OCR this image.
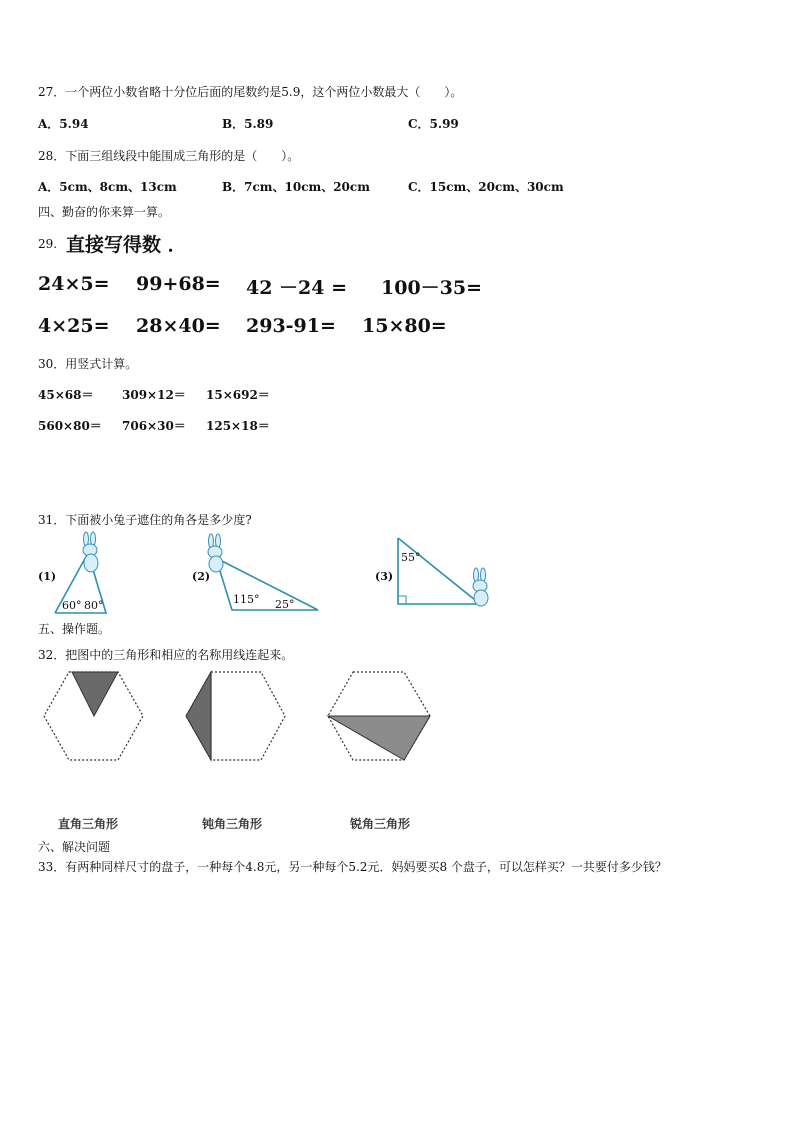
27．一个两位小数省略十分位后面的尾数约是5.9，这个两位小数最大（　　）。
A．5.94	B．5.89	C．5.99
28．下面三组线段中能围成三角形的是（　　）。
A．5cm、8cm、13cm	B．7cm、10cm、20cm	C．15cm、20cm、30cm
四、勤奋的你来算一算。
29. 直接写得数 ．
24×5= 99+68= 42 －24 = 100－35=
4×25= 28×40= 293-91= 15×80=
30．用竖式计算。
45×68＝ 309×12＝ 15×692＝
560×80＝ 706×30＝ 125×18＝
31．下面被小兔子遮住的角各是多少度?
(1)
60° 80°
(2)
115° 25°
(3)
55°
五、操作题。
32．把图中的三角形和相应的名称用线连起来。
直角三角形	钝角三角形	锐角三角形
六、解决问题
33．有两种同样尺寸的盘子，一种每个4.8元，另一种每个5.2元．妈妈要买8 个盘子，可以怎样买？一共要付多少钱？
